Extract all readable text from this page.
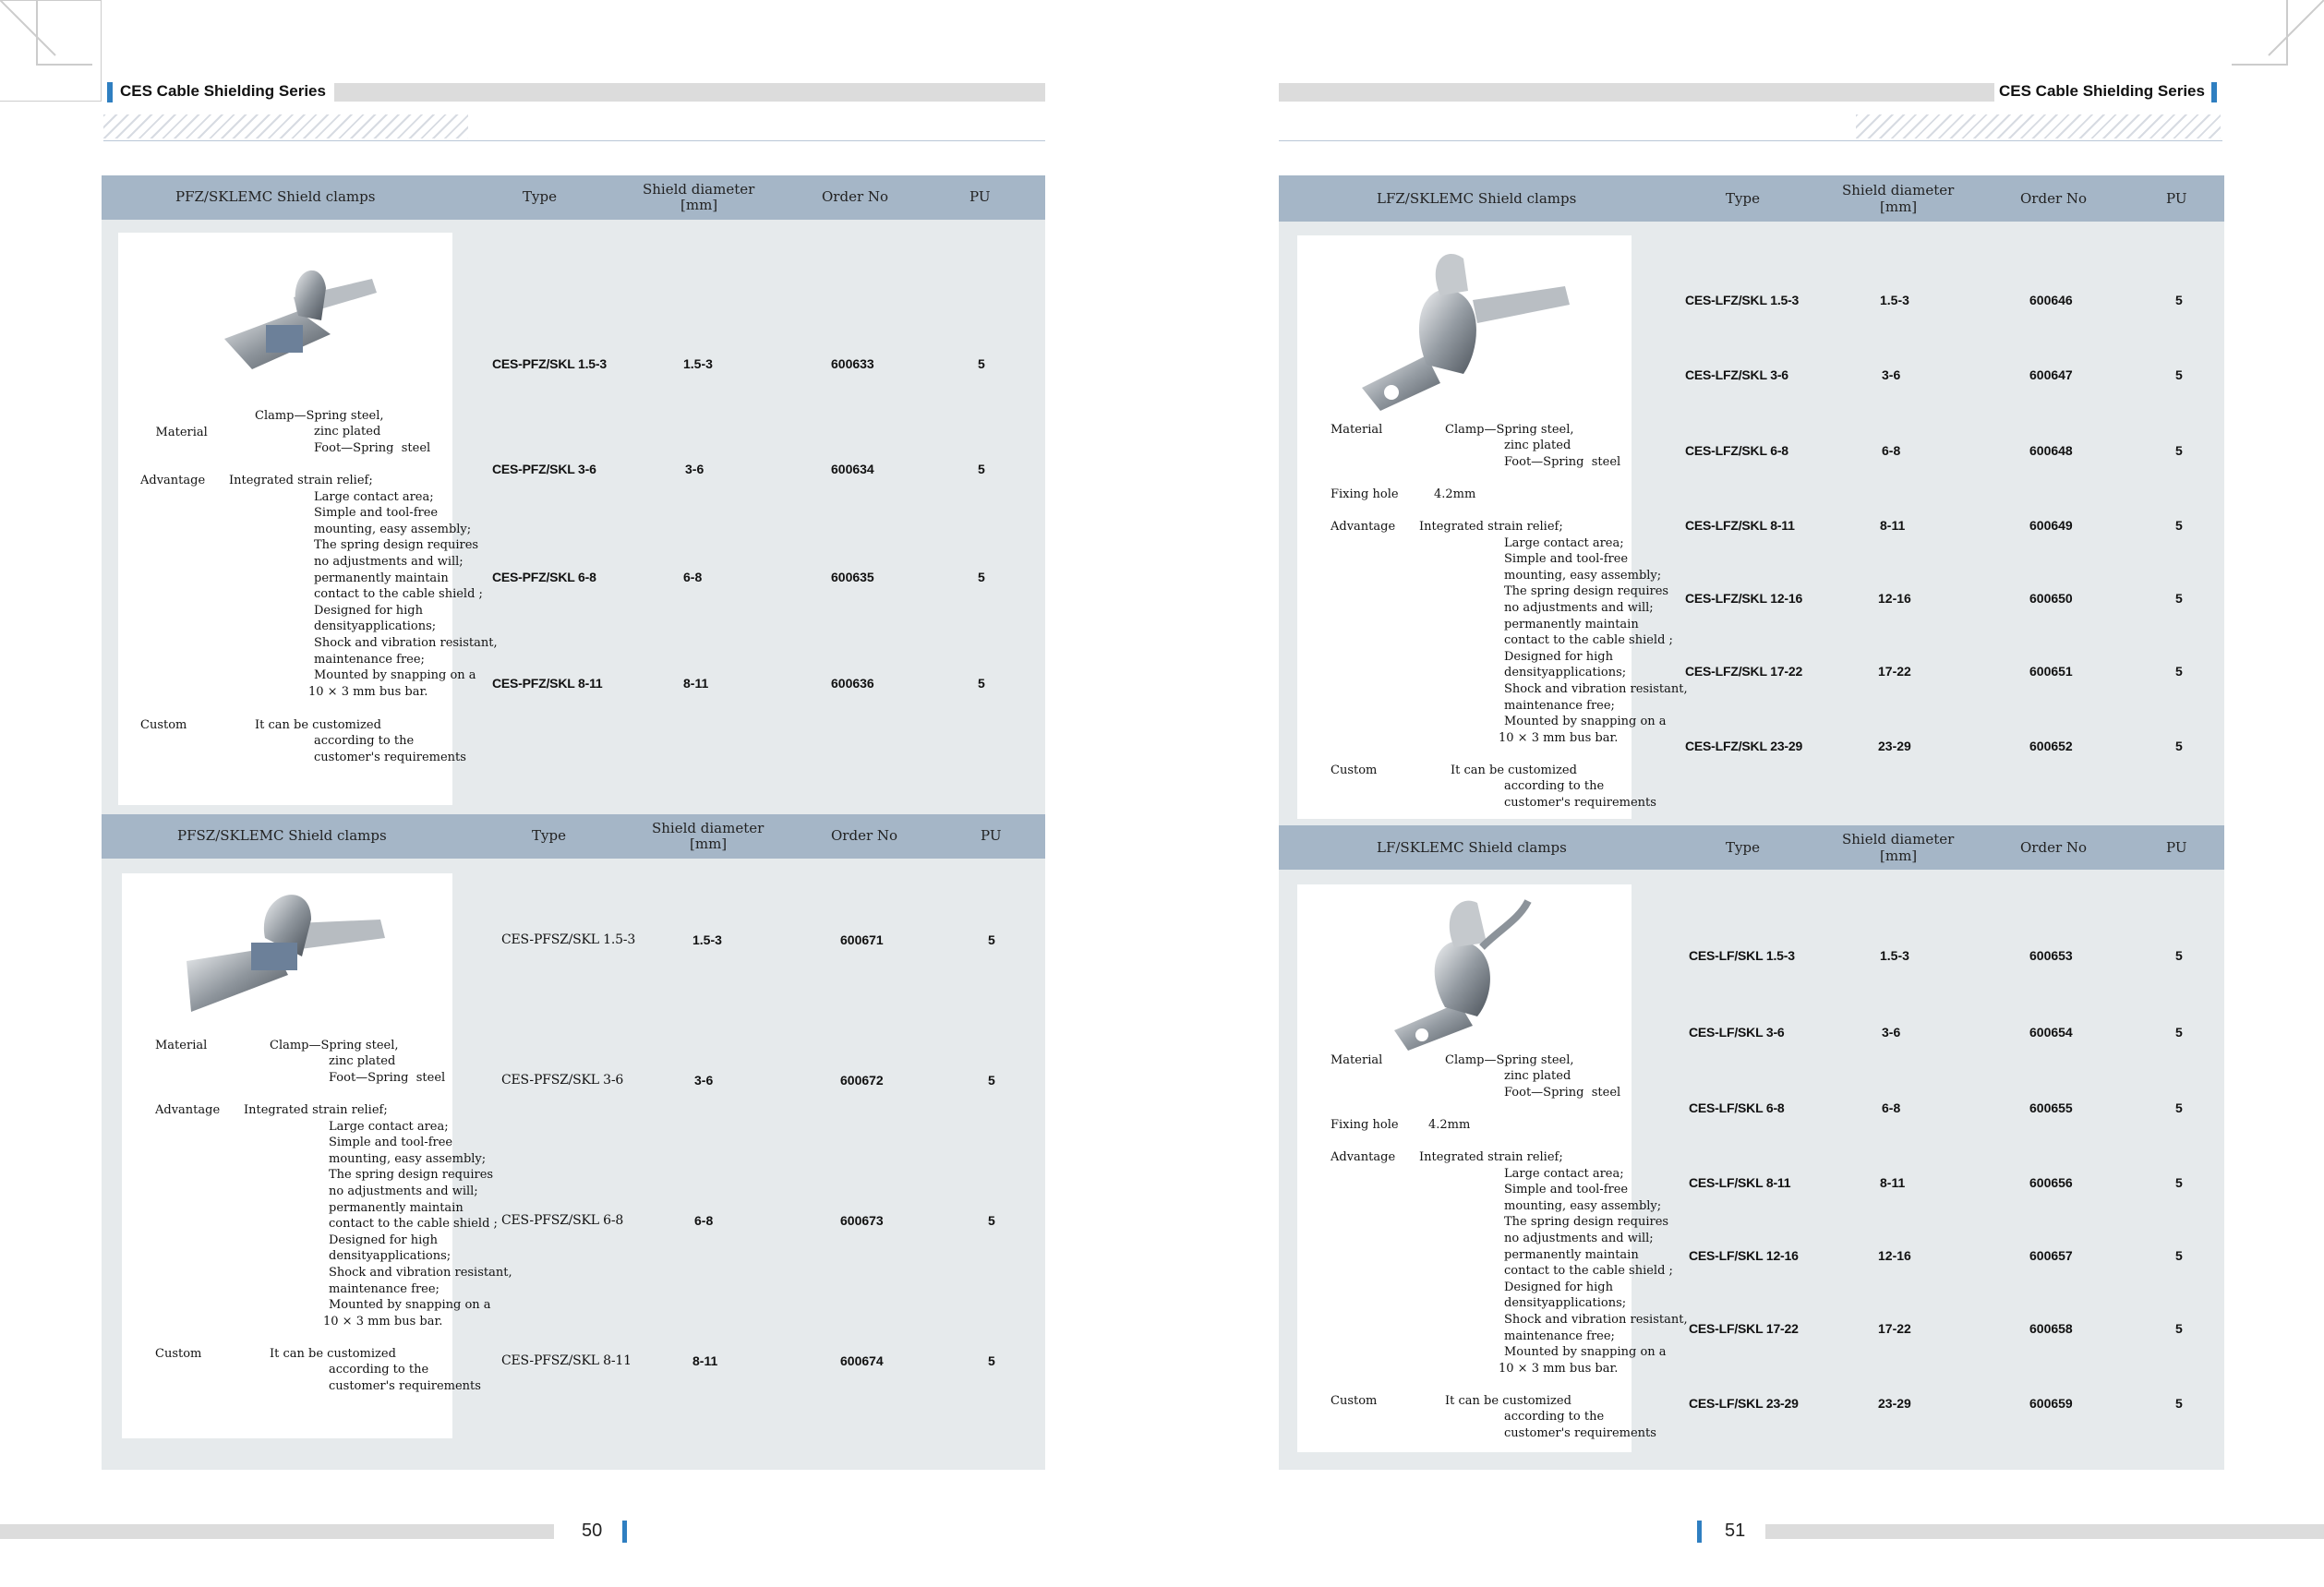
CES Cable Shielding Series	CES Cable Shielding Series
PFZ/SKLEMC Shield clamps	Type	Shield diameter
[mm]	Order No	PU

Material

Clamp—Spring steel,
zinc plated
Foot—Spring  steel
Advantage Integrated strain relief;
Large contact area;
Simple and tool-free
mounting, easy assembly;
The spring design requires
no adjustments and will;
permanently maintain
contact to the cable shield ;
Designed for high
densityapplications;
Shock and vibration resistant,
maintenance free;
Mounted by snapping on a
10 × 3 mm bus bar.
Custom	It can be customized
according to the
customer's requirements
CES-PFZ/SKL 1.5-3	1.5-3	600633	5
CES-PFZ/SKL 3-6	3-6	600634	5
CES-PFZ/SKL 6-8	6-8	600635	5
CES-PFZ/SKL 8-11	8-11	600636	5
PFSZ/SKLEMC Shield clamps	Type	Shield diameter
[mm]	Order No	PU
Material	Clamp—Spring steel,
zinc plated
Foot—Spring  steel
Advantage Integrated strain relief;
Large contact area;
Simple and tool-free
mounting, easy assembly;
The spring design requires
no adjustments and will;
permanently maintain
contact to the cable shield ;
Designed for high
densityapplications;
Shock and vibration resistant,
maintenance free;
Mounted by snapping on a
10 × 3 mm bus bar.
Custom	It can be customized
according to the
customer's requirements
CES-PFSZ/SKL 1.5-3	1.5-3	600671	5
CES-PFSZ/SKL 3-6	3-6	600672	5
CES-PFSZ/SKL 6-8	6-8	600673	5
CES-PFSZ/SKL 8-11	8-11	600674	5
LFZ/SKLEMC Shield clamps	Type	Shield diameter
[mm]	Order No	PU
Material	Clamp—Spring steel,
zinc plated
Foot—Spring  steel
Fixing hole	4.2mm
Advantage Integrated strain relief;
Large contact area;
Simple and tool-free
mounting, easy assembly;
The spring design requires
no adjustments and will;
permanently maintain
contact to the cable shield ;
Designed for high
densityapplications;
Shock and vibration resistant,
maintenance free;
Mounted by snapping on a
10 × 3 mm bus bar.
Custom	It can be customized
according to the
customer's requirements
CES-LFZ/SKL 1.5-3	1.5-3	600646	5
CES-LFZ/SKL 3-6	3-6	600647	5
CES-LFZ/SKL 6-8	6-8	600648	5
CES-LFZ/SKL 8-11	8-11	600649	5
CES-LFZ/SKL 12-16	12-16	600650	5
CES-LFZ/SKL 17-22	17-22	600651	5
CES-LFZ/SKL 23-29	23-29	600652	5
LF/SKLEMC Shield clamps	Type	Shield diameter
[mm]	Order No	PU
Material	Clamp—Spring steel,
zinc plated
Foot—Spring  steel
Fixing hole 4.2mm
Advantage Integrated strain relief;
Large contact area;
Simple and tool-free
mounting, easy assembly;
The spring design requires
no adjustments and will;
permanently maintain
contact to the cable shield ;
Designed for high
densityapplications;
Shock and vibration resistant,
maintenance free;
Mounted by snapping on a
10 × 3 mm bus bar.
Custom	It can be customized
according to the
customer's requirements
CES-LF/SKL 1.5-3	1.5-3	600653	5
CES-LF/SKL 3-6	3-6	600654	5
CES-LF/SKL 6-8	6-8	600655	5
CES-LF/SKL 8-11	8-11	600656	5
CES-LF/SKL 12-16	12-16	600657	5
CES-LF/SKL 17-22	17-22	600658	5
CES-LF/SKL 23-29	23-29	600659	5
50	51
